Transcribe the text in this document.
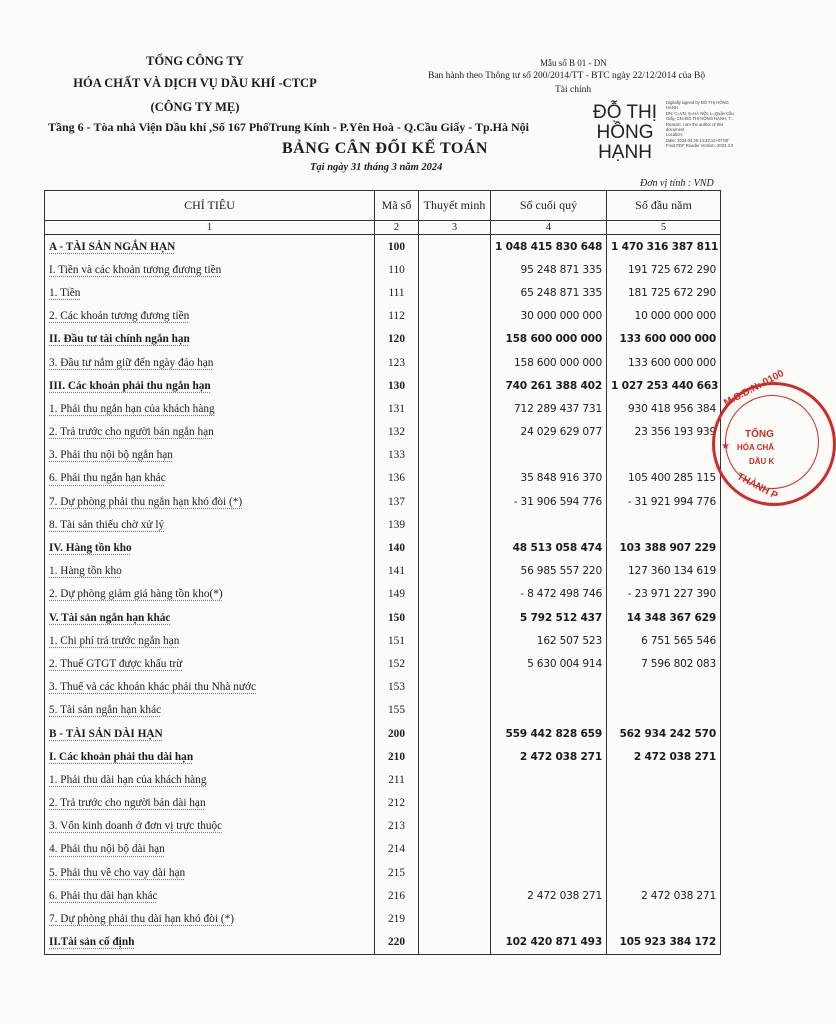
TỔNG CÔNG TY
HÓA CHẤT VÀ DỊCH VỤ DẦU KHÍ -CTCP
(CÔNG TY MẸ)
Tầng 6 - Tòa nhà Viện Dầu khí ,Số 167 PhốTrung Kính - P.Yên Hoà - Q.Cầu Giấy - Tp.Hà Nội
Mẫu số B 01 - DN
Ban hành theo Thông tư số 200/2014/TT - BTC ngày 22/12/2014 của Bộ
Tài chính
ĐỖ THỊ
HỒNG
HẠNH
Digitally signed by ĐỖ THỊ HỒNG
HẠNH
DN: C=VN, S=HÀ NỘI, L=Quận Cầu
Giấy, CN=ĐỖ THỊ HỒNG HẠNH, T...
Reason: I am the author of this
document
Location:
Date: 2024.04.26 14:22:14+07'00'
Foxit PDF Reader Version: 2023.3.0
BẢNG CÂN ĐỐI KẾ TOÁN
Tại ngày 31 tháng 3 năm 2024
Đơn vị tính : VND
CHỈ TIÊU	Mã số	Thuyết minh	Số cuối quý	Số đầu năm
1	2	3	4	5
A - TÀI SẢN NGẮN HẠN	100		1 048 415 830 648	1 470 316 387 811
I. Tiền và các khoản tương đương tiền	110		95 248 871 335	191 725 672 290
1. Tiền	111		65 248 871 335	181 725 672 290
2. Các khoản tương đương tiền	112		30 000 000 000	10 000 000 000
II. Đầu tư tài chính ngắn hạn	120		158 600 000 000	133 600 000 000
3. Đầu tư nắm giữ đến ngày đáo hạn	123		158 600 000 000	133 600 000 000
III. Các khoản phải thu ngắn hạn	130		740 261 388 402	1 027 253 440 663
1. Phải thu ngắn hạn của khách hàng	131		712 289 437 731	930 418 956 384
2. Trả trước cho người bán ngắn hạn	132		24 029 629 077	23 356 193 939
3. Phải thu nội bộ ngắn hạn	133			
6. Phải thu ngắn hạn khác	136		35 848 916 370	105 400 285 115
7. Dự phòng phải thu ngắn hạn khó đòi (*)	137		- 31 906 594 776	- 31 921 994 776
8. Tài sản thiếu chờ xử lý	139			
IV. Hàng tồn kho	140		48 513 058 474	103 388 907 229
1. Hàng tồn kho	141		56 985 557 220	127 360 134 619
2. Dự phòng giảm giá hàng tồn kho(*)	149		- 8 472 498 746	- 23 971 227 390
V. Tài sản ngắn hạn khác	150		5 792 512 437	14 348 367 629
1. Chi phí trả trước ngắn hạn	151		162 507 523	6 751 565 546
2. Thuế GTGT được khấu trừ	152		5 630 004 914	7 596 802 083
3. Thuế và các khoản khác phải thu Nhà nước	153			
5. Tài sản ngắn hạn khác	155			
B - TÀI SẢN DÀI HẠN	200		559 442 828 659	562 934 242 570
I. Các khoản phải thu dài hạn	210		2 472 038 271	2 472 038 271
1. Phải thu dài hạn của khách hàng	211			
2. Trả trước cho người bán dài hạn	212			
3. Vốn kinh doanh ở đơn vị trực thuộc	213			
4. Phải thu nội bộ dài hạn	214			
5. Phải thu về cho vay dài hạn	215			
6. Phải thu dài hạn khác	216		2 472 038 271	2 472 038 271
7. Dự phòng phải thu dài hạn khó đòi (*)	219			
II.Tài sản cố định	220		102 420 871 493	105 923 384 172
M.S.D.N: 0100
★
TỔNG
HÓA CHẤ
DẦU K
THÀNH P
